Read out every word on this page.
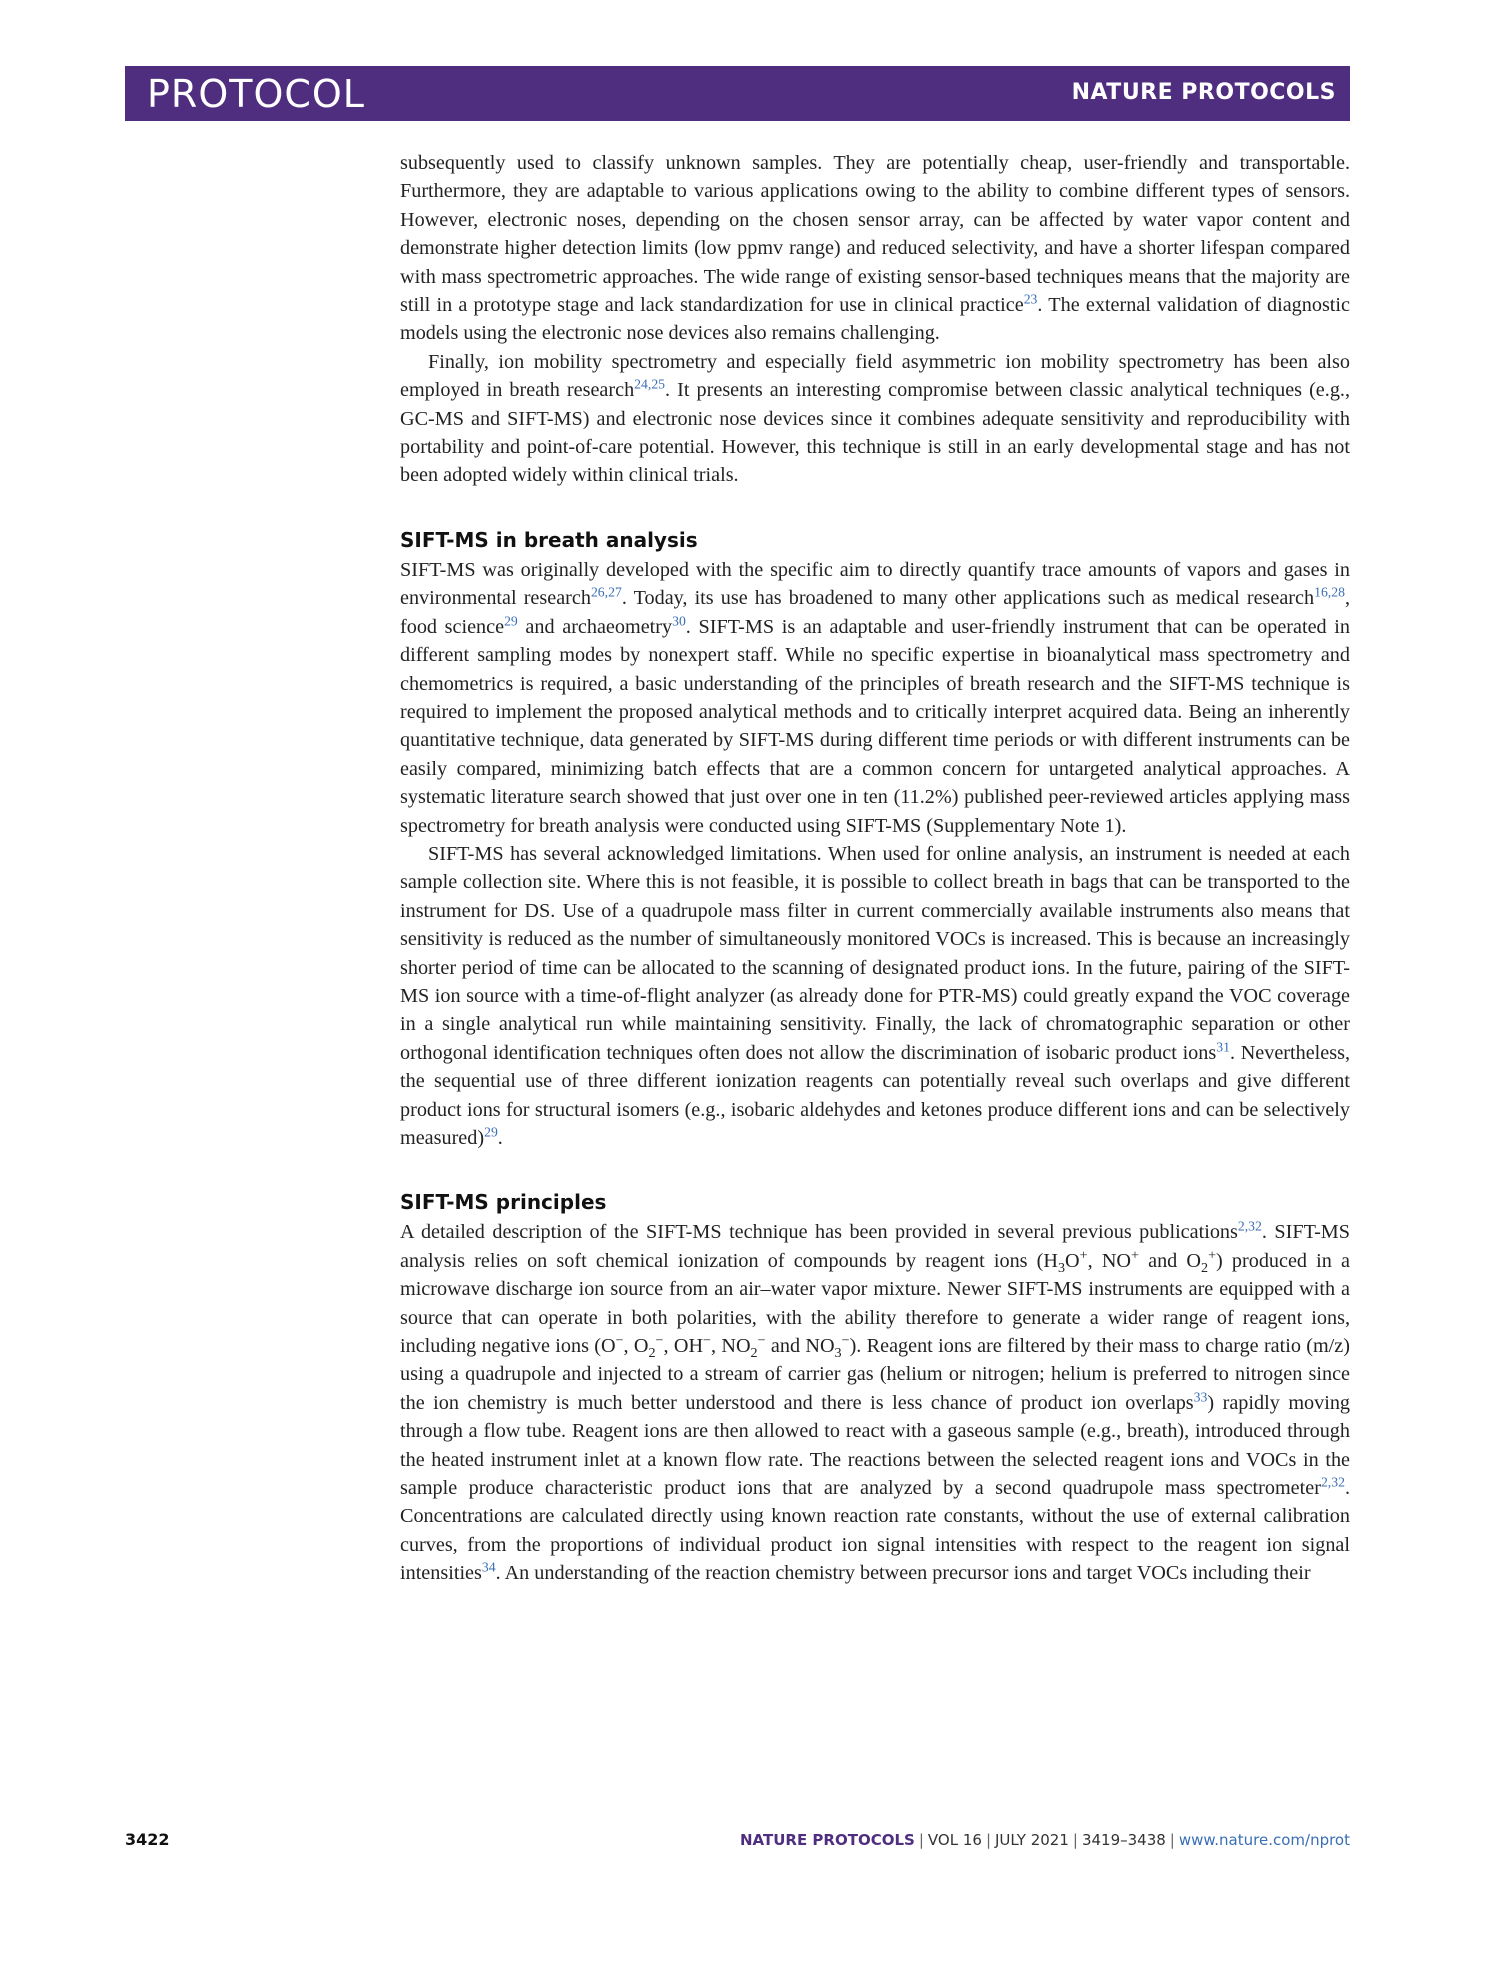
PROTOCOL	NATURE PROTOCOLS

subsequently used to classify unknown samples. They are potentially cheap, user-friendly and transportable. Furthermore, they are adaptable to various applications owing to the ability to combine different types of sensors. However, electronic noses, depending on the chosen sensor array, can be affected by water vapor content and demonstrate higher detection limits (low ppmv range) and reduced selectivity, and have a shorter lifespan compared with mass spectrometric approaches. The wide range of existing sensor-based techniques means that the majority are still in a prototype stage and lack standardization for use in clinical practice$^{23}$. The external validation of diagnostic models using the electronic nose devices also remains challenging.

Finally, ion mobility spectrometry and especially field asymmetric ion mobility spectrometry has been also employed in breath research$^{24,25}$. It presents an interesting compromise between classic analytical techniques (e.g., GC-MS and SIFT-MS) and electronic nose devices since it combines adequate sensitivity and reproducibility with portability and point-of-care potential. However, this technique is still in an early developmental stage and has not been adopted widely within clinical trials.

SIFT-MS in breath analysis

SIFT-MS was originally developed with the specific aim to directly quantify trace amounts of vapors and gases in environmental research$^{26,27}$. Today, its use has broadened to many other applications such as medical research$^{16,28}$, food science$^{29}$ and archaeometry$^{30}$. SIFT-MS is an adaptable and user-friendly instrument that can be operated in different sampling modes by nonexpert staff. While no specific expertise in bioanalytical mass spectrometry and chemometrics is required, a basic understanding of the principles of breath research and the SIFT-MS technique is required to implement the proposed analytical methods and to critically interpret acquired data. Being an inherently quantitative technique, data generated by SIFT-MS during different time periods or with different instruments can be easily compared, minimizing batch effects that are a common concern for untargeted analytical approaches. A systematic literature search showed that just over one in ten (11.2%) published peer-reviewed articles applying mass spectrometry for breath analysis were conducted using SIFT-MS (Supplementary Note 1).

SIFT-MS has several acknowledged limitations. When used for online analysis, an instrument is needed at each sample collection site. Where this is not feasible, it is possible to collect breath in bags that can be transported to the instrument for DS. Use of a quadrupole mass filter in current commercially available instruments also means that sensitivity is reduced as the number of simultaneously monitored VOCs is increased. This is because an increasingly shorter period of time can be allocated to the scanning of designated product ions. In the future, pairing of the SIFT-MS ion source with a time-of-flight analyzer (as already done for PTR-MS) could greatly expand the VOC coverage in a single analytical run while maintaining sensitivity. Finally, the lack of chromatographic separation or other orthogonal identification techniques often does not allow the discrimination of isobaric product ions$^{31}$. Nevertheless, the sequential use of three different ionization reagents can potentially reveal such overlaps and give different product ions for structural isomers (e.g., isobaric aldehydes and ketones produce different ions and can be selectively measured)$^{29}$.

SIFT-MS principles

A detailed description of the SIFT-MS technique has been provided in several previous publications$^{2,32}$. SIFT-MS analysis relies on soft chemical ionization of compounds by reagent ions ($H_3O^+$, NO+ and $O_2^+$) produced in a microwave discharge ion source from an air–water vapor mixture. Newer SIFT-MS instruments are equipped with a source that can operate in both polarities, with the ability therefore to generate a wider range of reagent ions, including negative ions (O−, $O_2^-$, OH−, $NO_2^-$ and $NO_3^-$). Reagent ions are filtered by their mass to charge ratio (m/z) using a quadrupole and injected to a stream of carrier gas (helium or nitrogen; helium is preferred to nitrogen since the ion chemistry is much better understood and there is less chance of product ion overlaps$^{33}$) rapidly moving through a flow tube. Reagent ions are then allowed to react with a gaseous sample (e.g., breath), introduced through the heated instrument inlet at a known flow rate. The reactions between the selected reagent ions and VOCs in the sample produce characteristic product ions that are analyzed by a second quadrupole mass spectrometer$^{2,32}$. Concentrations are calculated directly using known reaction rate constants, without the use of external calibration curves, from the proportions of individual product ion signal intensities with respect to the reagent ion signal intensities$^{34}$. An understanding of the reaction chemistry between precursor ions and target VOCs including their

3422	NATURE PROTOCOLS | VOL 16 | JULY 2021 | 3419–3438 | www.nature.com/nprot
